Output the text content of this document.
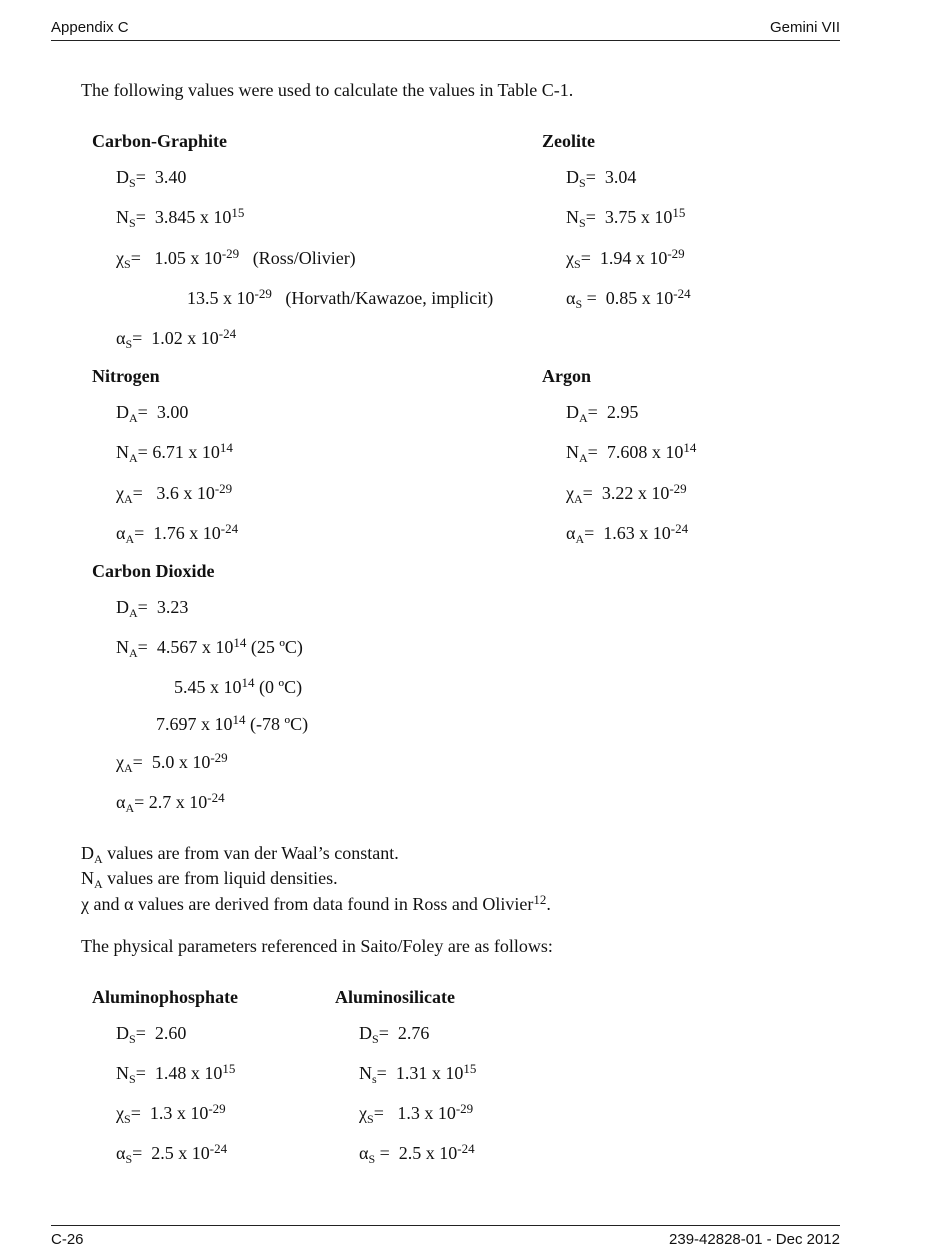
Appendix C	Gemini VII
The following values were used to calculate the values in Table C-1.
Carbon-Graphite
$D_S= 3.40$
$N_S= 3.845$ x $10^{15}$
$\chi_S= 1.05$ x $10^{-29}$ (Ross/Olivier)
13.5 x $10^{-29}$ (Horvath/Kawazoe, implicit)
$\alpha_S= 1.02$ x $10^{-24}$
Zeolite
$D_S= 3.04$
$N_S= 3.75$ x $10^{15}$
$\chi_S= 1.94$ x $10^{-29}$
$\alpha_S = 0.85$ x $10^{-24}$
Nitrogen
$D_A= 3.00$
$N_A= 6.71$ x $10^{14}$
$\chi_A= 3.6$ x $10^{-29}$
$\alpha_A= 1.76$ x $10^{-24}$
Argon
$D_A= 2.95$
$N_A= 7.608$ x $10^{14}$
$\chi_A= 3.22$ x $10^{-29}$
$\alpha_A= 1.63$ x $10^{-24}$
Carbon Dioxide
$D_A= 3.23$
$N_A= 4.567$ x $10^{14}$ (25 ºC)
5.45 x $10^{14}$ (0 ºC)
7.697 x $10^{14}$ (-78 ºC)
$\chi_A= 5.0$ x $10^{-29}$
$\alpha_A= 2.7$ x $10^{-24}$
$D_A$ values are from van der Waal’s constant.
$N_A$ values are from liquid densities.
χ and α values are derived from data found in Ross and Olivier$^{12}$.
The physical parameters referenced in Saito/Foley are as follows:
Aluminophosphate
$D_S= 2.60$
$N_S= 1.48$ x $10^{15}$
$\chi_S= 1.3$ x $10^{-29}$
$\alpha_S= 2.5$ x $10^{-24}$
Aluminosilicate
$D_S= 2.76$
$N_s= 1.31$ x $10^{15}$
$\chi_S= 1.3$ x $10^{-29}$
$\alpha_S = 2.5$ x $10^{-24}$
C-26	239-42828-01 - Dec 2012
